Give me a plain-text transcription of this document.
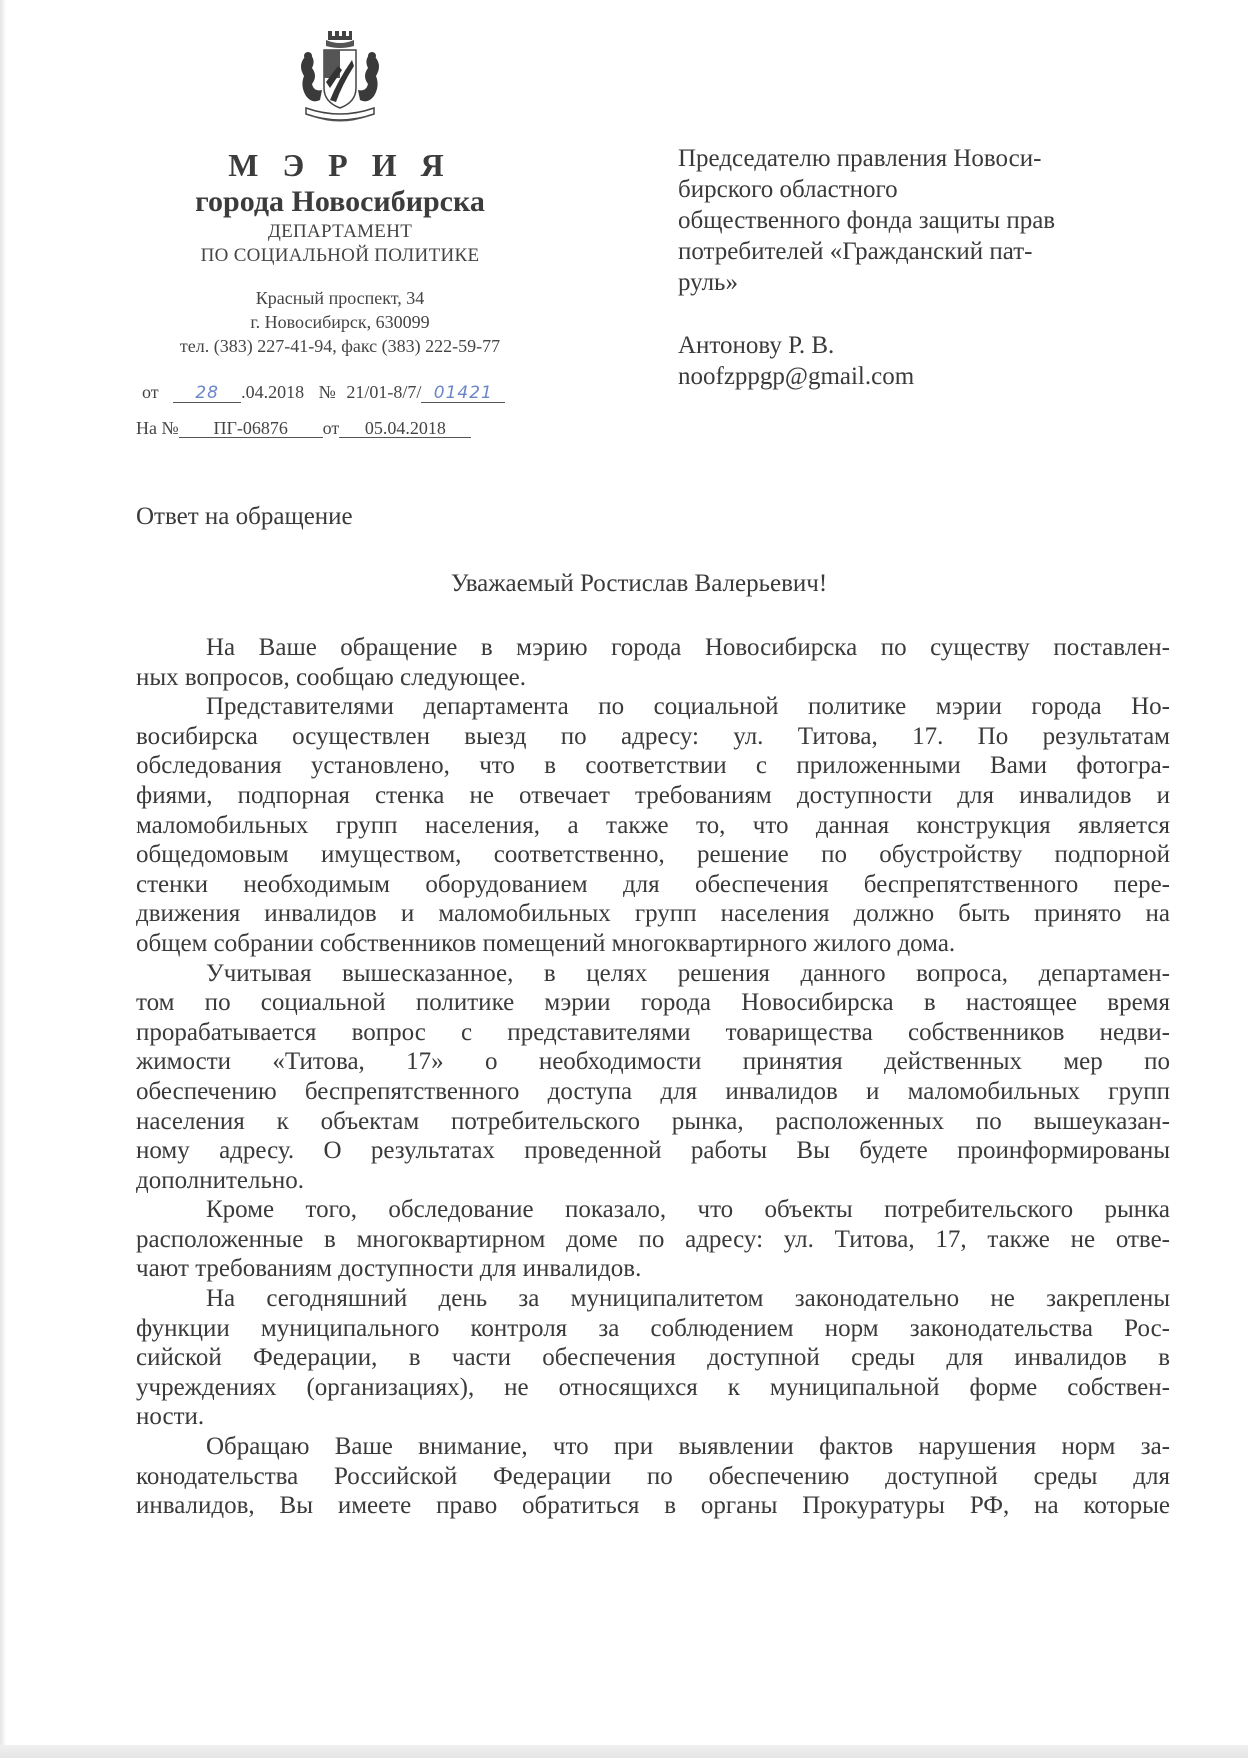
М Э Р И Я
города Новосибирска
ДЕПАРТАМЕНТ
ПО СОЦИАЛЬНОЙ ПОЛИТИКЕ
Красный проспект, 34
г. Новосибирск, 630099
тел. (383) 227-41-94, факс (383) 222-59-77
от 28 .04.2018 № 21/01-8/7/ 01421
На № ПГ-06876 от 05.04.2018
Председателю правления Новоси-
бирского областного
общественного фонда защиты прав
потребителей «Гражданский пат-
руль»
Антонову Р. В.
noofzppgp@gmail.com
Ответ на обращение
Уважаемый Ростислав Валерьевич!
На Ваше обращение в мэрию города Новосибирска по существу поставлен-
ных вопросов, сообщаю следующее.
Представителями департамента по социальной политике мэрии города Но-
восибирска осуществлен выезд по адресу: ул. Титова, 17. По результатам
обследования установлено, что в соответствии с приложенными Вами фотогра-
фиями, подпорная стенка не отвечает требованиям доступности для инвалидов и
маломобильных групп населения, а также то, что данная конструкция является
общедомовым имуществом, соответственно, решение по обустройству подпорной
стенки необходимым оборудованием для обеспечения беспрепятственного пере-
движения инвалидов и маломобильных групп населения должно быть принято на
общем собрании собственников помещений многоквартирного жилого дома.
Учитывая вышесказанное, в целях решения данного вопроса, департамен-
том по социальной политике мэрии города Новосибирска в настоящее время
прорабатывается вопрос с представителями товарищества собственников недви-
жимости «Титова, 17» о необходимости принятия действенных мер по
обеспечению беспрепятственного доступа для инвалидов и маломобильных групп
населения к объектам потребительского рынка, расположенных по вышеуказан-
ному адресу. О результатах проведенной работы Вы будете проинформированы
дополнительно.
Кроме того, обследование показало, что объекты потребительского рынка
расположенные в многоквартирном доме по адресу: ул. Титова, 17, также не отве-
чают требованиям доступности для инвалидов.
На сегодняшний день за муниципалитетом законодательно не закреплены
функции муниципального контроля за соблюдением норм законодательства Рос-
сийской Федерации, в части обеспечения доступной среды для инвалидов в
учреждениях (организациях), не относящихся к муниципальной форме собствен-
ности.
Обращаю Ваше внимание, что при выявлении фактов нарушения норм за-
конодательства Российской Федерации по обеспечению доступной среды для
инвалидов, Вы имеете право обратиться в органы Прокуратуры РФ, на которые
